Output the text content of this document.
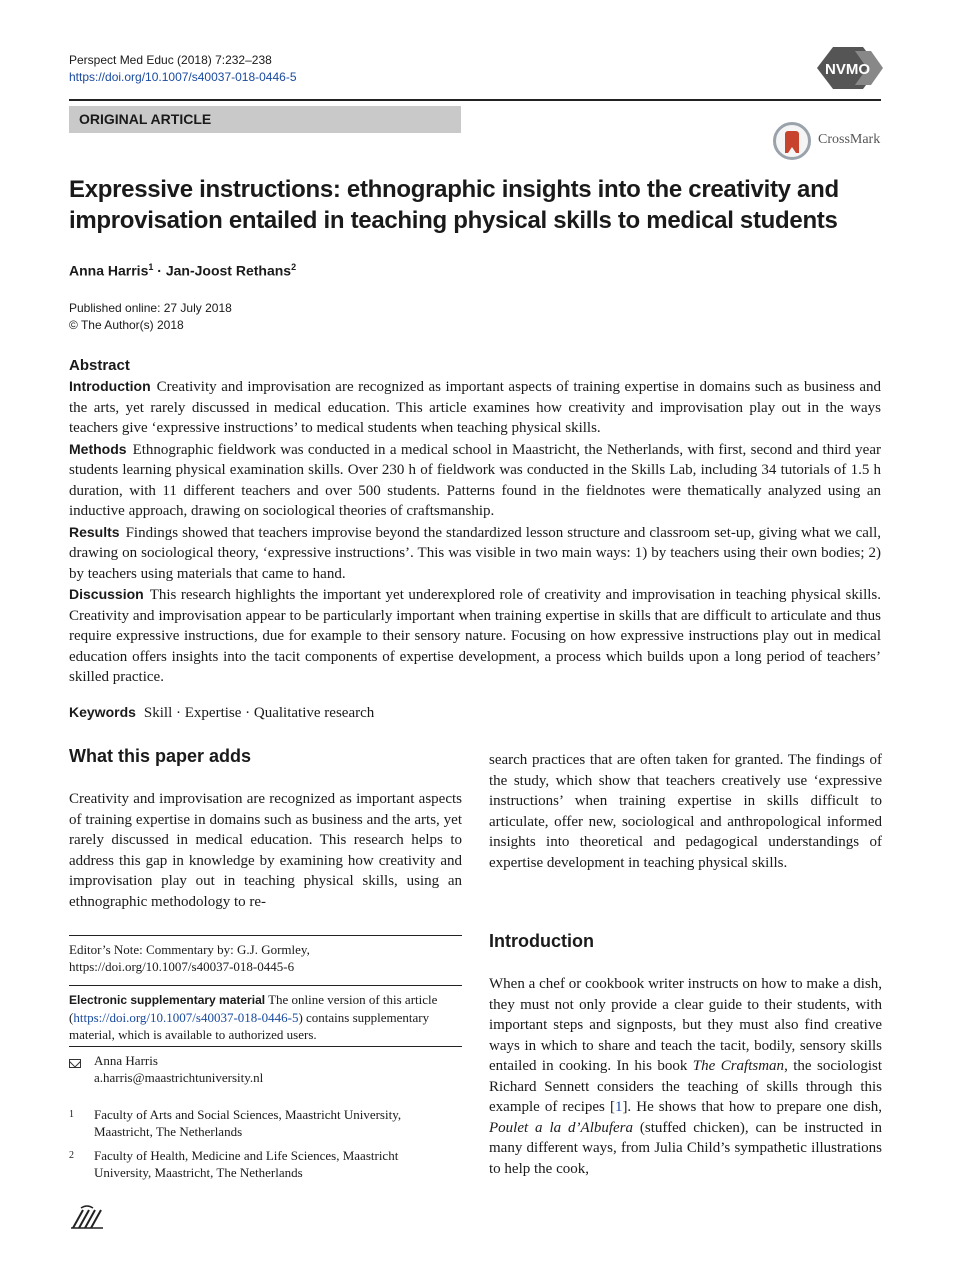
Perspect Med Educ (2018) 7:232–238
https://doi.org/10.1007/s40037-018-0446-5	NVMO
ORIGINAL ARTICLE
CrossMark
Expressive instructions: ethnographic insights into the creativity and
improvisation entailed in teaching physical skills to medical students
Anna Harris$^1$ · Jan-Joost Rethans$^2$
Published online: 27 July 2018
© The Author(s) 2018
Abstract

Introduction Creativity and improvisation are recognized as important aspects of training expertise in domains such as business and the arts, yet rarely discussed in medical education. This article examines how creativity and improvisation play out in the ways teachers give ‘expressive instructions’ to medical students when teaching physical skills.

Methods Ethnographic fieldwork was conducted in a medical school in Maastricht, the Netherlands, with first, second and third year students learning physical examination skills. Over 230 h of fieldwork was conducted in the Skills Lab, including 34 tutorials of 1.5 h duration, with 11 different teachers and over 500 students. Patterns found in the fieldnotes were thematically analyzed using an inductive approach, drawing on sociological theories of craftsmanship.

Results Findings showed that teachers improvise beyond the standardized lesson structure and classroom set-up, giving what we call, drawing on sociological theory, ‘expressive instructions’. This was visible in two main ways: 1) by teachers using their own bodies; 2) by teachers using materials that came to hand.

Discussion This research highlights the important yet underexplored role of creativity and improvisation in teaching physical skills. Creativity and improvisation appear to be particularly important when training expertise in skills that are difficult to articulate and thus require expressive instructions, due for example to their sensory nature. Focusing on how expressive instructions play out in medical education offers insights into the tacit components of expertise development, a process which builds upon a long period of teachers’ skilled practice.

Keywords Skill · Expertise · Qualitative research
What this paper adds

Creativity and improvisation are recognized as important aspects of training expertise in domains such as business and the arts, yet rarely discussed in medical education. This research helps to address this gap in knowledge by examining how creativity and improvisation play out in teaching physical skills, using an ethnographic methodology to re-

Editor’s Note: Commentary by: G.J. Gormley,
https://doi.org/10.1007/s40037-018-0445-6
Electronic supplementary material The online version of this article (https://doi.org/10.1007/s40037-018-0446-5) contains supplementary material, which is available to authorized users.
Anna Harris
a.harris@maastrichtuniversity.nl
1	Faculty of Arts and Social Sciences, Maastricht University, Maastricht, The Netherlands
2	Faculty of Health, Medicine and Life Sciences, Maastricht University, Maastricht, The Netherlands

search practices that are often taken for granted. The findings of the study, which show that teachers creatively use ‘expressive instructions’ when training expertise in skills difficult to articulate, offer new, sociological and anthropological informed insights into theoretical and pedagogical understandings of expertise development in teaching physical skills.

Introduction

When a chef or cookbook writer instructs on how to make a dish, they must not only provide a clear guide to their students, with important steps and signposts, but they must also find creative ways in which to share and teach the tacit, bodily, sensory skills entailed in cooking. In his book The Craftsman, the sociologist Richard Sennett considers the teaching of skills through this example of recipes [1]. He shows that how to prepare one dish, Poulet a la d’Albufera (stuffed chicken), can be instructed in many different ways, from Julia Child’s sympathetic illustrations to help the cook,
